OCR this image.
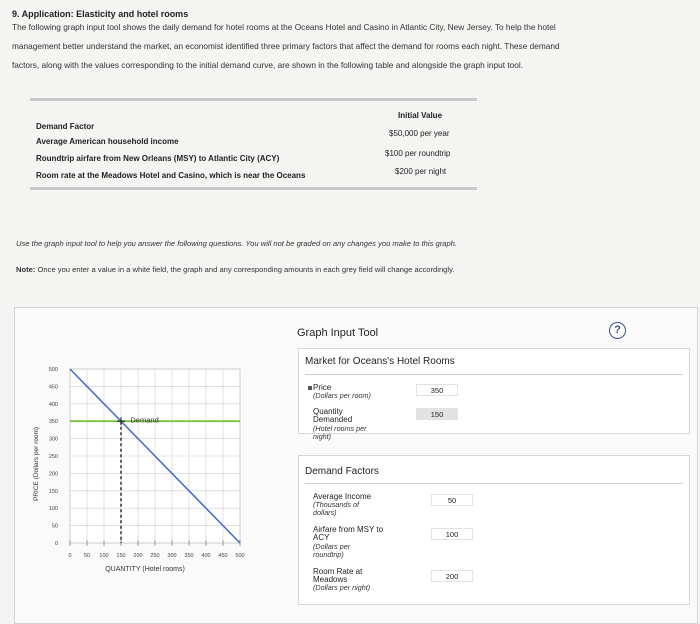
9. Application: Elasticity and hotel rooms
The following graph input tool shows the daily demand for hotel rooms at the Oceans Hotel and Casino in Atlantic City, New Jersey. To help the hotel
management better understand the market, an economist identified three primary factors that affect the demand for rooms each night. These demand
factors, along with the values corresponding to the initial demand curve, are shown in the following table and alongside the graph input tool.
Demand Factor
Initial Value
Average American household income
$50,000 per year
Roundtrip airfare from New Orleans (MSY) to Atlantic City (ACY)
$100 per roundtrip
Room rate at the Meadows Hotel and Casino, which is near the Oceans	$200 per night
Use the graph input tool to help you answer the following questions. You will not be graded on any changes you make to this graph.
Note: Once you enter a value in a white field, the graph and any corresponding amounts in each grey field will change accordingly.
0
50
100
150
200
250
300
350
400
450
500
0 50 100 150 200 250 300 350 400 450 500
PRICE (Dollars per room)
QUANTITY (Hotel rooms)
Demand
Graph Input Tool	?
Market for Oceans's Hotel Rooms
Price
(Dollars per room)
350
Quantity
Demanded
(Hotel rooms per
night)
150
Demand Factors
Average Income
(Thousands of
dollars)
50
Airfare from MSY to
ACY
(Dollars per
roundtrip)
100
Room Rate at
Meadows
(Dollars per night)
200
